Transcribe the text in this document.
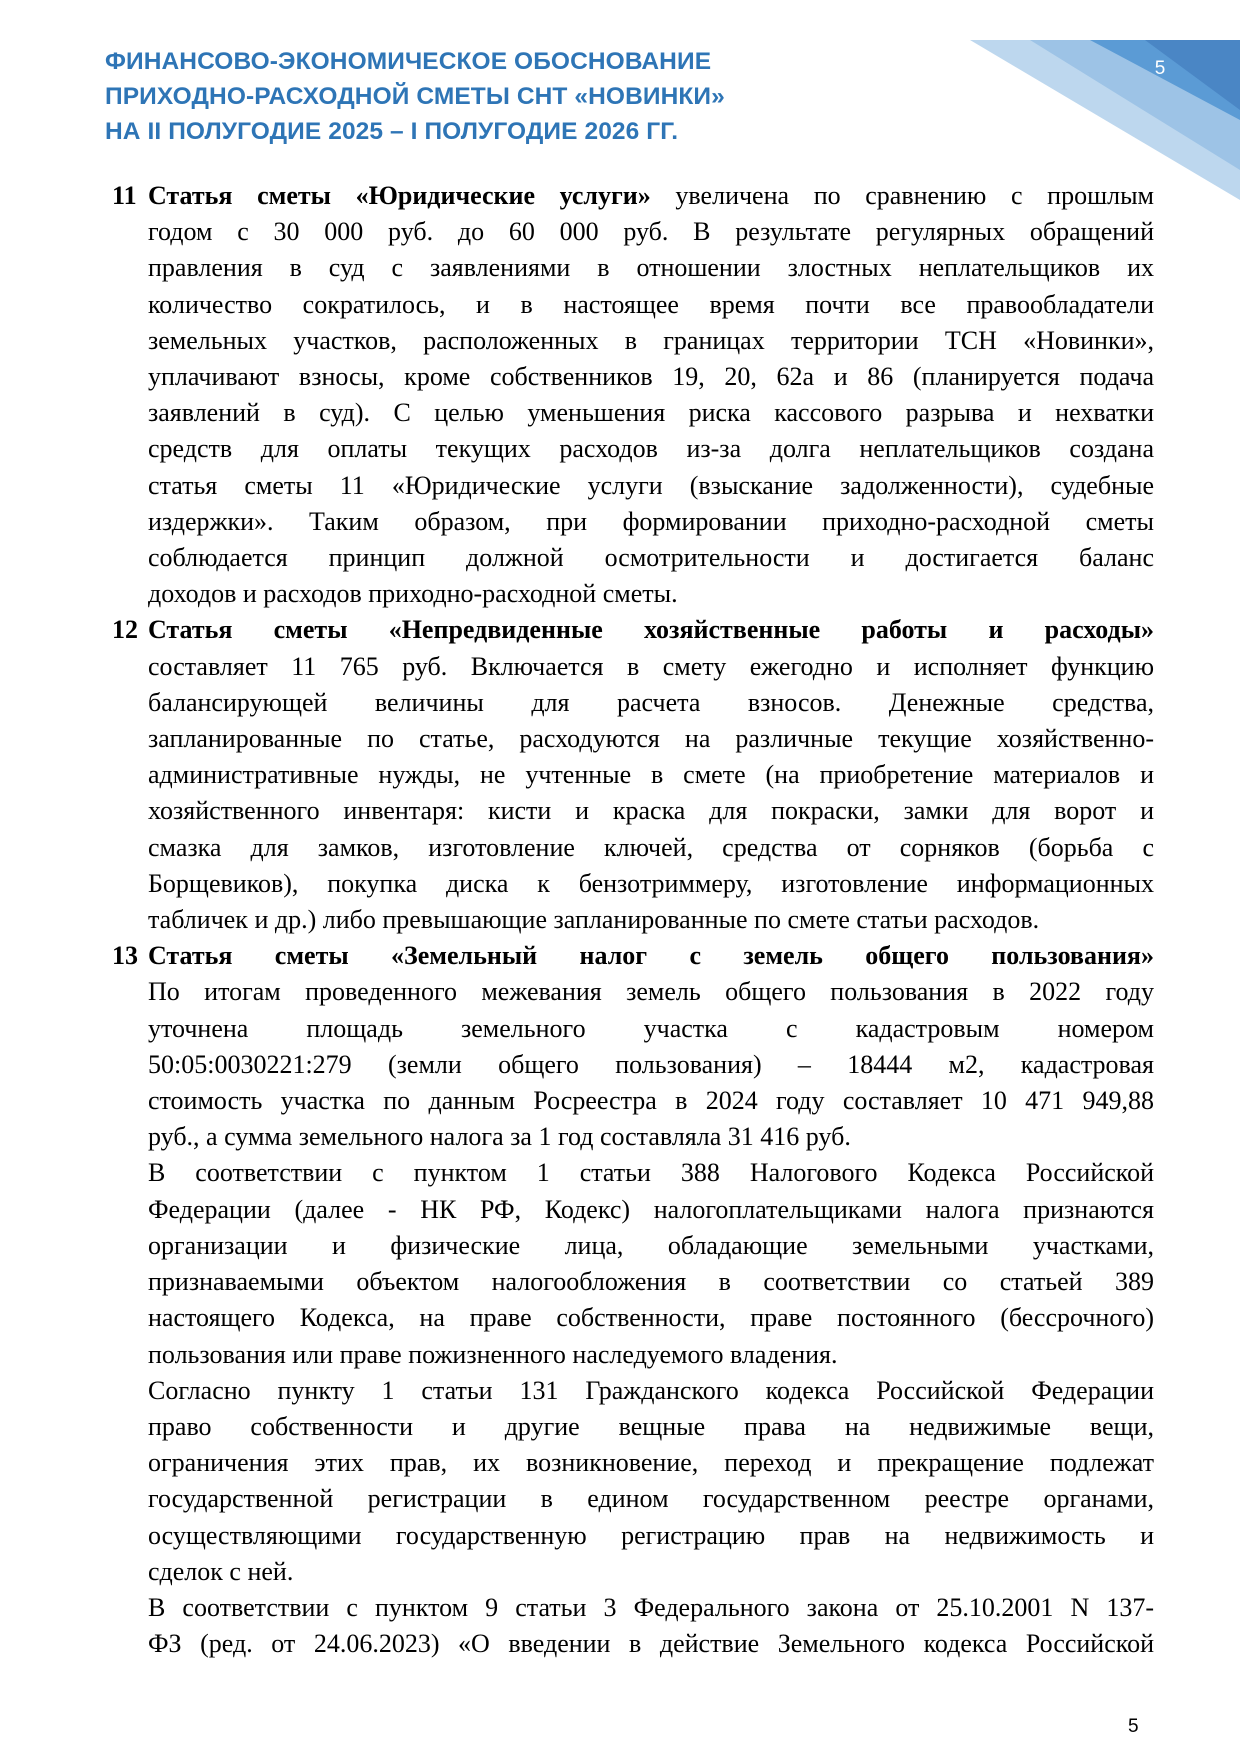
ФИНАНСОВО-ЭКОНОМИЧЕСКОЕ ОБОСНОВАНИЕ
ПРИХОДНО-РАСХОДНОЙ СМЕТЫ СНТ «НОВИНКИ»
НА II ПОЛУГОДИЕ 2025 – I ПОЛУГОДИЕ 2026 ГГ.
5
11 Статья сметы «Юридические услуги» увеличена по сравнению с прошлым
годом с 30 000 руб. до 60 000 руб. В результате регулярных обращений
правления в суд с заявлениями в отношении злостных неплательщиков их
количество сократилось, и в настоящее время почти все правообладатели
земельных участков, расположенных в границах территории ТСН «Новинки»,
уплачивают взносы, кроме собственников 19, 20, 62а и 86 (планируется подача
заявлений в суд). С целью уменьшения риска кассового разрыва и нехватки
средств для оплаты текущих расходов из-за долга неплательщиков создана
статья сметы 11 «Юридические услуги (взыскание задолженности), судебные
издержки». Таким образом, при формировании приходно-расходной сметы
соблюдается принцип должной осмотрительности и достигается баланс
доходов и расходов приходно-расходной сметы.
12 Статья сметы «Непредвиденные хозяйственные работы и расходы»
составляет 11 765 руб. Включается в смету ежегодно и исполняет функцию
балансирующей величины для расчета взносов. Денежные средства,
запланированные по статье, расходуются на различные текущие хозяйственно-
административные нужды, не учтенные в смете (на приобретение материалов и
хозяйственного инвентаря: кисти и краска для покраски, замки для ворот и
смазка для замков, изготовление ключей, средства от сорняков (борьба с
Борщевиков), покупка диска к бензотриммеру, изготовление информационных
табличек и др.) либо превышающие запланированные по смете статьи расходов.
13 Статья сметы «Земельный налог с земель общего пользования»
По итогам проведенного межевания земель общего пользования в 2022 году
уточнена площадь земельного участка с кадастровым номером
50:05:0030221:279 (земли общего пользования) – 18444 м2, кадастровая
стоимость участка по данным Росреестра в 2024 году составляет 10 471 949,88
руб., а сумма земельного налога за 1 год составляла 31 416 руб.
В соответствии с пунктом 1 статьи 388 Налогового Кодекса Российской
Федерации (далее - НК РФ, Кодекс) налогоплательщиками налога признаются
организации и физические лица, обладающие земельными участками,
признаваемыми объектом налогообложения в соответствии со статьей 389
настоящего Кодекса, на праве собственности, праве постоянного (бессрочного)
пользования или праве пожизненного наследуемого владения.
Согласно пункту 1 статьи 131 Гражданского кодекса Российской Федерации
право собственности и другие вещные права на недвижимые вещи,
ограничения этих прав, их возникновение, переход и прекращение подлежат
государственной регистрации в едином государственном реестре органами,
осуществляющими государственную регистрацию прав на недвижимость и
сделок с ней.
В соответствии с пунктом 9 статьи 3 Федерального закона от 25.10.2001 N 137-
ФЗ (ред. от 24.06.2023) «О введении в действие Земельного кодекса Российской
5
